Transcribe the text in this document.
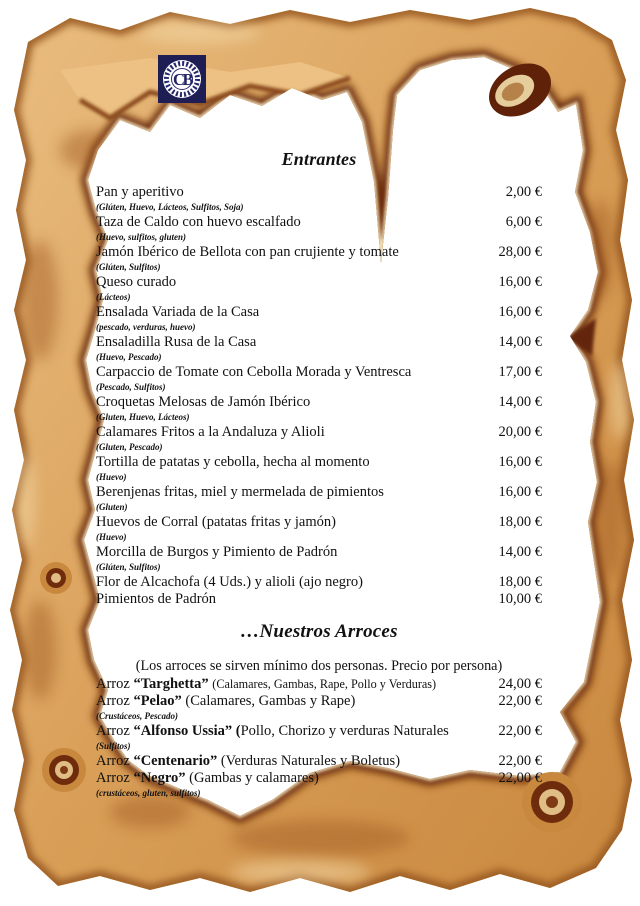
CB
Entrantes
Pan y aperitivo	2,00 €
(Glúten, Huevo, Lácteos, Sulfitos, Soja)
Taza de Caldo con huevo escalfado	6,00 €
(Huevo, sulfitos, gluten)
Jamón Ibérico de Bellota con pan crujiente y tomate	28,00 €
(Glúten, Sulfitos)
Queso curado	16,00 €
(Lácteos)
Ensalada Variada de la Casa	16,00 €
(pescado, verduras, huevo)
Ensaladilla Rusa de la Casa	14,00 €
(Huevo, Pescado)
Carpaccio de Tomate con Cebolla Morada y Ventresca	17,00 €
(Pescado, Sulfitos)
Croquetas Melosas de Jamón Ibérico	14,00 €
(Gluten, Huevo, Lácteos)
Calamares Fritos a la Andaluza y Alioli	20,00 €
(Gluten, Pescado)
Tortilla de patatas y cebolla, hecha al momento	16,00 €
(Huevo)
Berenjenas fritas, miel y mermelada de pimientos	16,00 €
(Gluten)
Huevos de Corral (patatas fritas y jamón)	18,00 €
(Huevo)
Morcilla de Burgos y Pimiento de Padrón	14,00 €
(Glúten, Sulfitos)
Flor de Alcachofa (4 Uds.) y alioli (ajo negro)	18,00 €
Pimientos de Padrón	10,00 €
…Nuestros Arroces

(Los arroces se sirven mínimo dos personas. Precio por persona)

Arroz “Targhetta” (Calamares, Gambas, Rape, Pollo y Verduras)	24,00 €
Arroz “Pelao” (Calamares, Gambas y Rape)	22,00 €
(Crustáceos, Pescado)
Arroz “Alfonso Ussia” (Pollo, Chorizo y verduras Naturales	22,00 €
(Sulfitos)
Arroz “Centenario” (Verduras Naturales y Boletus)	22,00 €
Arroz “Negro” (Gambas y calamares)	22,00 €
(crustáceos, gluten, sulfitos)
